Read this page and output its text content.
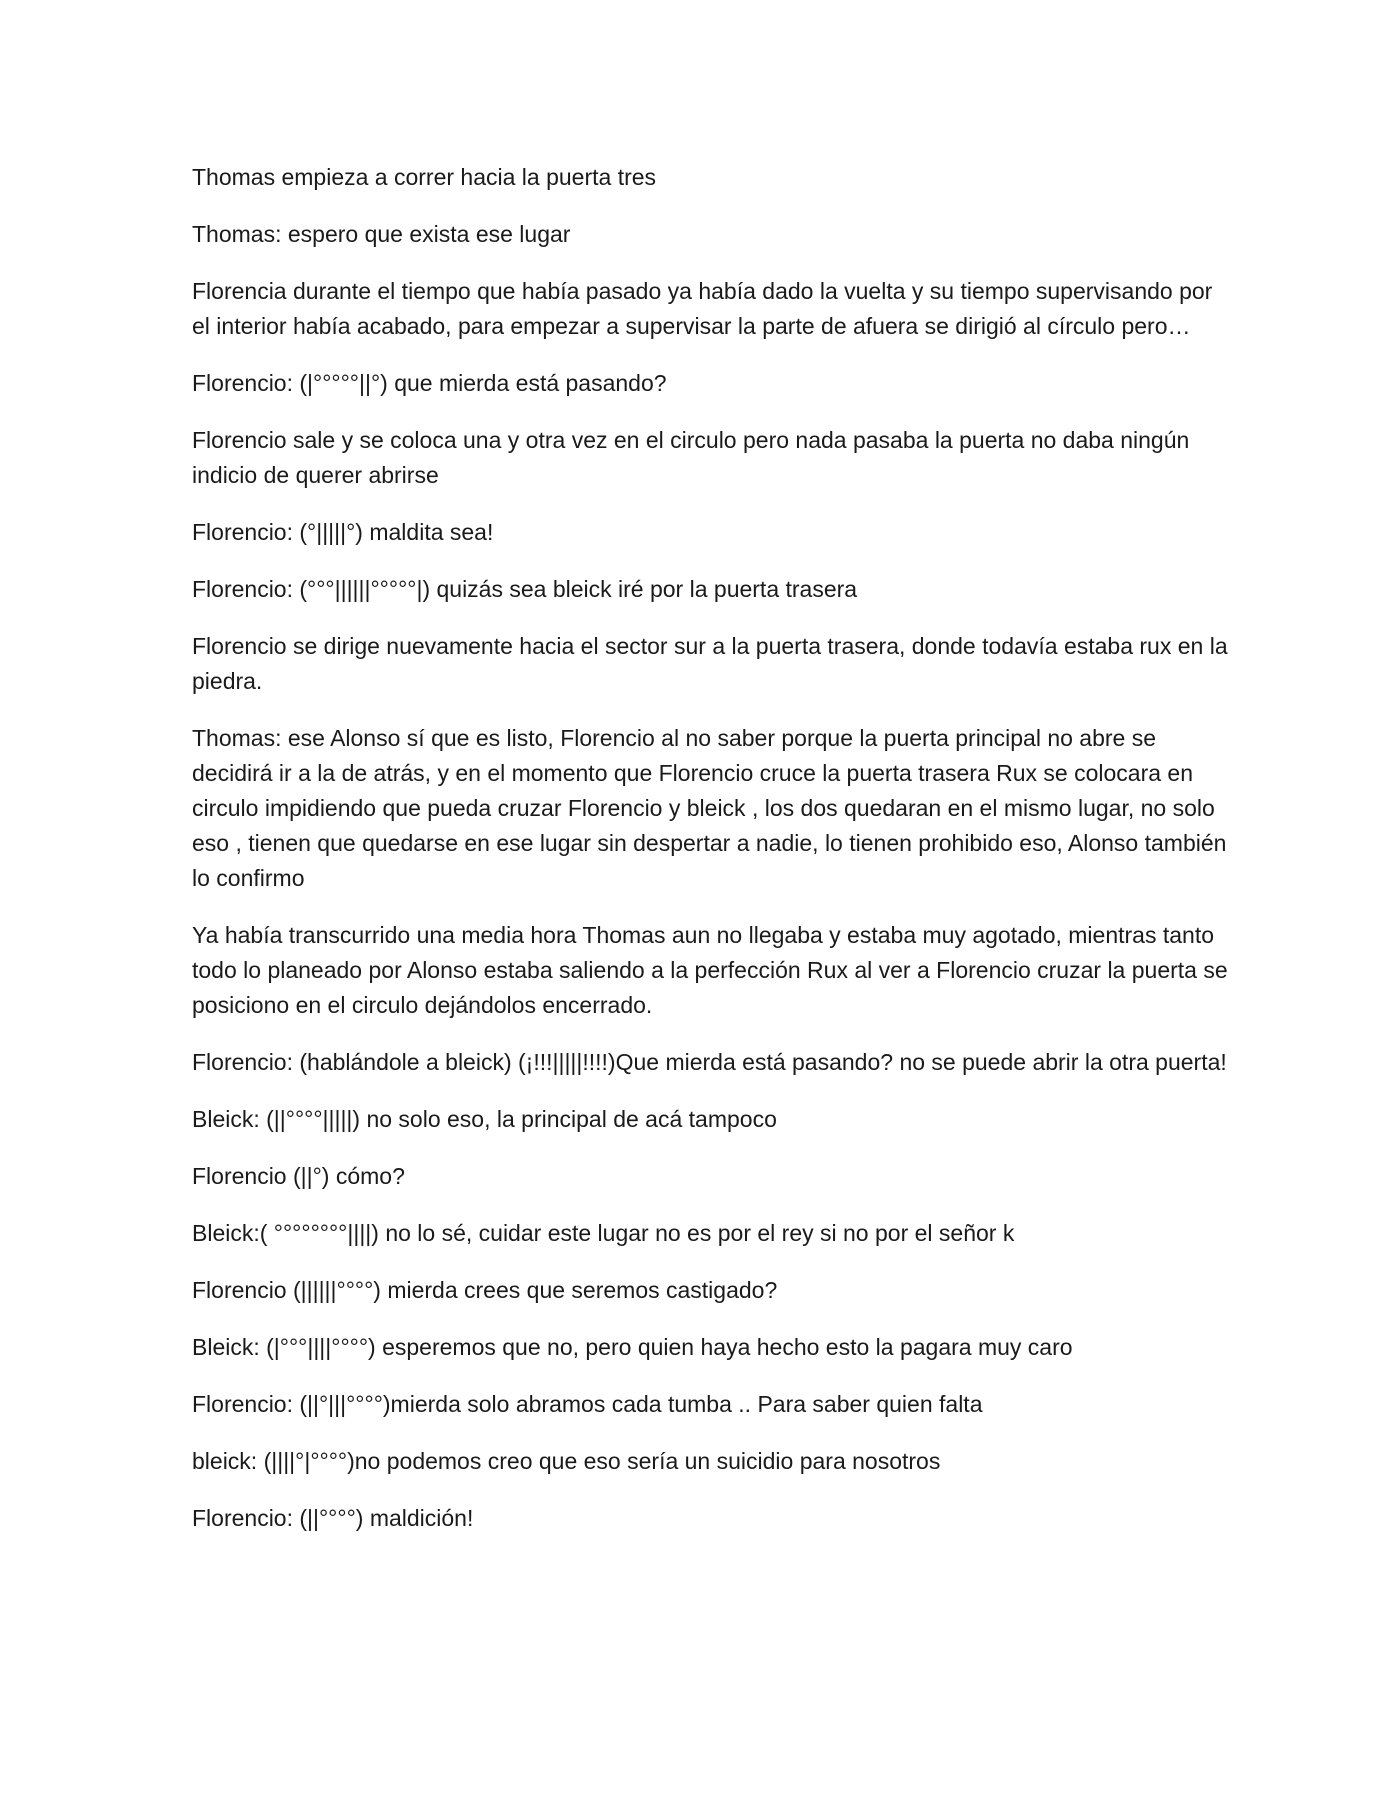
Thomas empieza a correr hacia la puerta tres

Thomas: espero que exista ese lugar

Florencia durante el tiempo que había pasado ya había dado la vuelta y su tiempo supervisando por el interior había acabado, para empezar a supervisar la parte de afuera se dirigió al círculo pero…

Florencio: (|°°°°°||°) que mierda está pasando?

Florencio sale y se coloca una y otra vez en el circulo pero nada pasaba la puerta no daba ningún indicio de querer abrirse

Florencio: (°|||||°) maldita sea!

Florencio: (°°°||||||°°°°°|) quizás sea bleick iré por la puerta trasera

Florencio se dirige nuevamente hacia el sector sur a la puerta trasera, donde todavía estaba rux en la piedra.

Thomas: ese Alonso sí que es listo, Florencio al no saber porque la puerta principal no abre se decidirá ir a la de atrás, y en el momento que Florencio cruce la puerta trasera Rux se colocara en circulo impidiendo que pueda cruzar Florencio y bleick , los dos quedaran en el mismo lugar, no solo eso , tienen que quedarse en ese lugar sin despertar a nadie, lo tienen prohibido eso, Alonso también lo confirmo

Ya había transcurrido una media hora Thomas aun no llegaba y estaba muy agotado, mientras tanto todo lo planeado por Alonso estaba saliendo a la perfección Rux al ver a Florencio cruzar la puerta se posiciono en el circulo dejándolos encerrado.

Florencio: (hablándole a bleick) (¡!!!|||||!!!!)Que mierda está pasando? no se puede abrir la otra puerta!

Bleick: (||°°°°|||||) no solo eso, la principal de acá tampoco

Florencio (||°) cómo?

Bleick:( °°°°°°°°||||) no lo sé, cuidar este lugar no es por el rey si no por el señor k

Florencio (||||||°°°°) mierda crees que seremos castigado?

Bleick: (|°°°||||°°°°) esperemos que no, pero quien haya hecho esto la pagara muy caro

Florencio: (||°|||°°°°)mierda solo abramos cada tumba .. Para saber quien falta

bleick: (||||°|°°°°)no podemos creo que eso sería un suicidio para nosotros

Florencio: (||°°°°) maldición!
